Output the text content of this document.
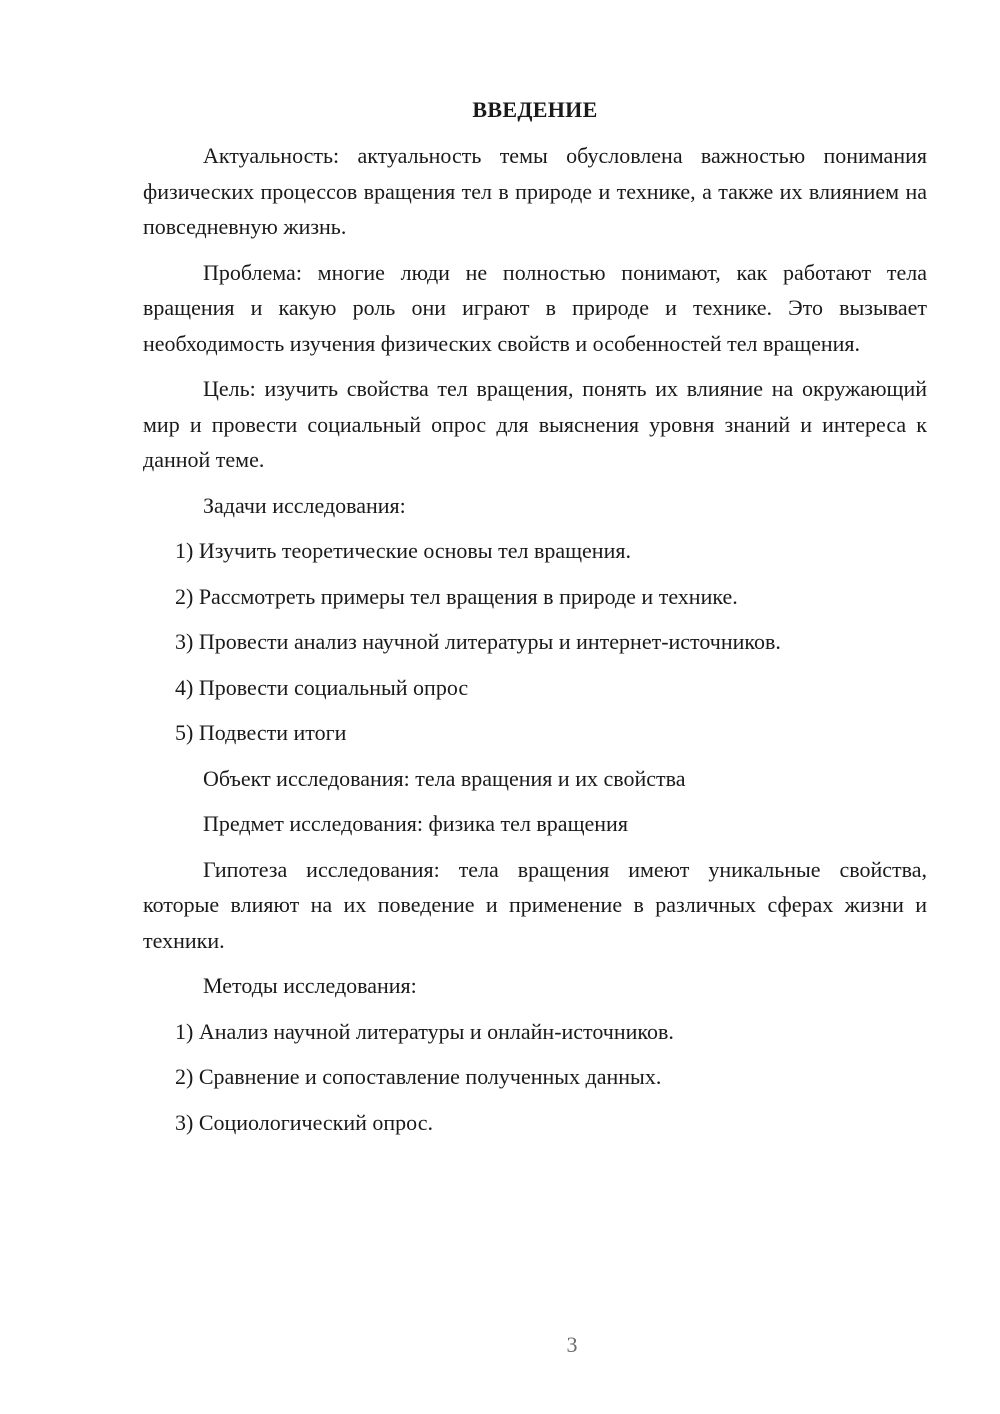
ВВЕДЕНИЕ

Актуальность: актуальность темы обусловлена важностью понимания физических процессов вращения тел в природе и технике, а также их влиянием на повседневную жизнь.

Проблема: многие люди не полностью понимают, как работают тела вращения и какую роль они играют в природе и технике. Это вызывает необходимость изучения физических свойств и особенностей тел вращения.

Цель: изучить свойства тел вращения, понять их влияние на окружающий мир и провести социальный опрос для выяснения уровня знаний и интереса к данной теме.

Задачи исследования:
1) Изучить теоретические основы тел вращения.
2) Рассмотреть примеры тел вращения в природе и технике.
3) Провести анализ научной литературы и интернет-источников.
4) Провести социальный опрос
5) Подвести итоги
Объект исследования: тела вращения и их свойства
Предмет исследования: физика тел вращения

Гипотеза исследования: тела вращения имеют уникальные свойства, которые влияют на их поведение и применение в различных сферах жизни и техники.

Методы исследования:
1) Анализ научной литературы и онлайн-источников.
2) Сравнение и сопоставление полученных данных.
3) Социологический опрос.
3
